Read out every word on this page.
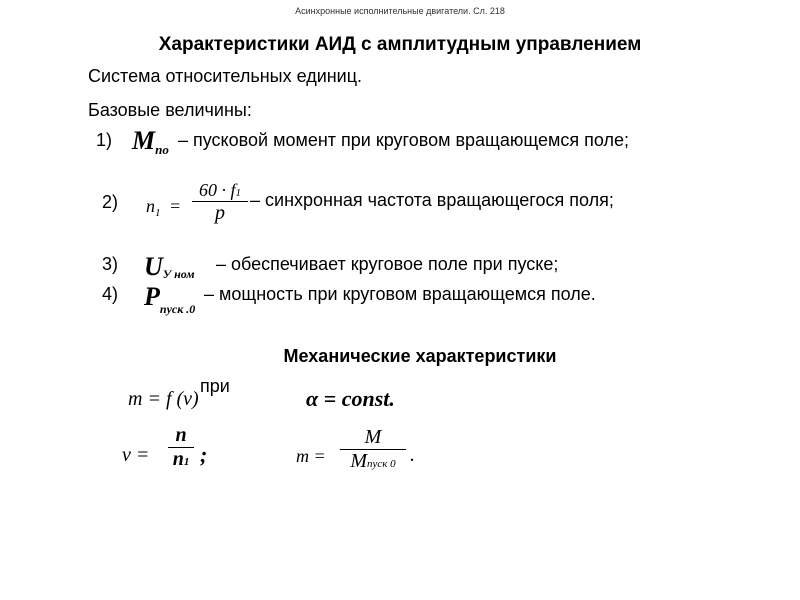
Асинхронные исполнительные двигатели. Сл. 218
Характеристики АИД с амплитудным управлением
Система относительных единиц.
Базовые величины:
1) Mпо – пусковой момент при круговом вращающемся поле;
2) $n_1$ =
60 · f1
p
– синхронная частота вращающегося поля;
3) UУ ном – обеспечивает круговое поле при пуске;
4) $P_{пуск .0}$
– мощность при круговом вращающемся поле.
Механические характеристики
m = f (ν)
при	α = const.
ν =
n
n1 ;	m =
M
Mпуск 0 .
